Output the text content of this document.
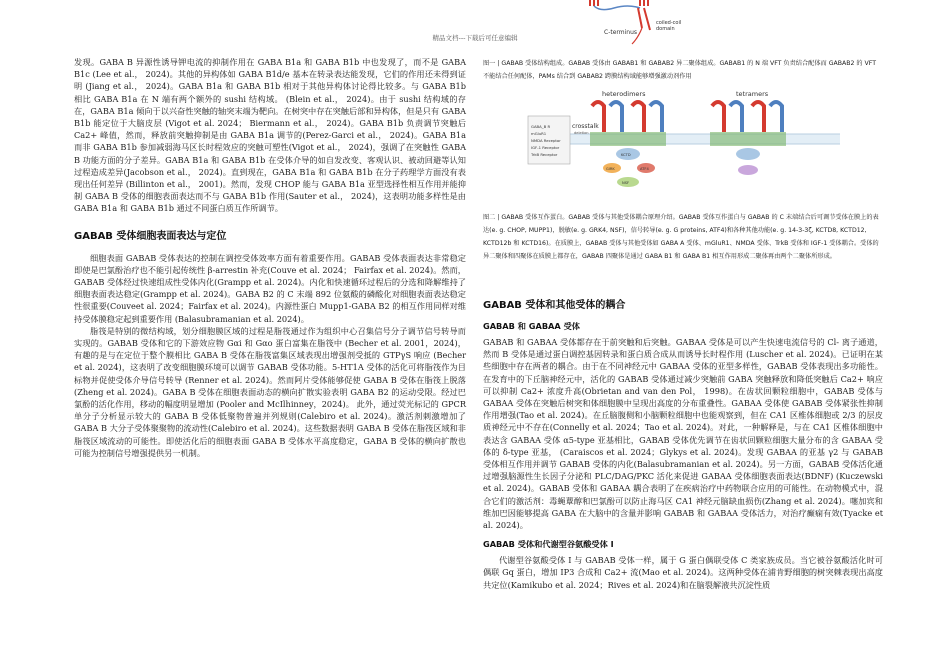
精品文档---下载后可任意编辑
C-terminus
coiled-coil domain
图一 | GABAB 受体结构组成。GABAB 受体由 GABAB1 和 GABAB2 异二聚体组成。GABAB1 的 N 端 VFT 负责结合配体而 GABAB2 的 VFT 不能结合任何配体，PAMs 结合到 GABAB2 跨膜结构域能够增强激动剂作用
heterodimers	tetramers
GABA_B R
mGluR1
NMDA Receptor
IGF-1 Receptor
TrkB Receptor
crosstalk
deletion
KCTD
GIRK	ATF4
NSF
图二 | GABAB 受体互作蛋白。GABAB 受体与其他受体耦合原理介绍。GABAB 受体互作蛋白与 GABAB 的 C 末端结合后可调节受体在膜上的表达(e. g. CHOP, MUPP1)，脱敏(e. g. GRK4, NSF)，信号转导(e. g. G proteins, ATF4)和各种其他功能(e. g. 14-3-3ζ, KCTD8, KCTD12, KCTD12b 和 KCTD16)。在质膜上，GABAB 受体与其他受体如 GABA A 受体、mGluR1、NMDA 受体、TrkB 受体和 IGF-1 受体耦合。受体的异二聚体和四聚体在质膜上都存在，GABAB 四聚体是通过 GABA B1 和 GABA B1 相互作用形成二聚体再由两个二聚体所形成。

发现。GABA B 异源性诱导钾电流的抑制作用在 GABA B1a 和 GABA B1b 中也发现了，而不是 GABA B1c (Lee et al.， 2024)。其他的异构体如 GABA B1d/e 基本在转录表达能发现，它们的作用还未得到证明 (Jiang et al.， 2024)。GABA B1a 和 GABA B1b 相对于其他异构体讨论得比较多。与 GABA B1b 相比 GABA B1a 在 N 端有两个额外的 sushi 结构域。 (Blein et al.， 2024)。由于 sushi 结构域的存在，GABA B1a 倾向于以兴奋性突触的轴突末端为靶向。在树突中存在突触后部和异构体，但是只有 GABA B1b 能定位于大脑皮层 (Vigot et al. 2024； Biermann et al.， 2024)。GABA B1b 负责调节突触后 Ca2+ 峰值，然而，释放前突触抑制是由 GABA B1a 调节的(Perez-Garci et al.， 2024)。GABA B1a 而非 GABA B1b 参加减弱海马区长时程效应的突触可塑性(Vigot et al.， 2024)，强调了在突触性 GABA B 功能方面的分子差异。GABA B1a 和 GABA B1b 在受体介导的如自发改变、客观认识、被动回避等认知过程造成差异(Jacobson et al.， 2024)。直到现在，GABA B1a 和 GABA B1b 在分子药理学方面没有表现出任何差异 (Billinton et al.， 2001)。然而，发现 CHOP 能与 GABA B1a 亚型选择性相互作用并能抑制 GABA B 受体的细胞表面表达而不与 GABA B1b 作用(Sauter et al.， 2024)，这表明功能多样性是由 GABA B1a 和 GABA B1b 通过不同蛋白质互作所调节。

GABAB 受体细胞表面表达与定位

细胞表面 GABAB 受体表达的控制在调控受体效率方面有着重要作用。GABAB 受体表面表达非常稳定即使是巴氯酚治疗也不能引起传统性 β-arrestin 补充(Couve et al. 2024； Fairfax et al. 2024)。然而，GABAB 受体经过快速组成性受体内化(Grampp et al. 2024)。内化和快速循环过程后的分选和降解维持了细胞表面表达稳定(Grampp et al. 2024)。GABA B2 的 C 末端 892 位氨酸的磷酸化对细胞表面表达稳定性很重要(Couveet al. 2024；Fairfax et al. 2024)。内源性蛋白 Mupp1-GABA B2 的相互作用同样对维持受体膜稳定起到重要作用 (Balasubramanian et al. 2024)。

脂筏是特别的微结构域，划分细胞膜区域的过程是脂筏通过作为组织中心召集信号分子调节信号转导而实现的。GABAB 受体和它的下游效应物 Gαi 和 Gαo 蛋白富集在脂筏中 (Becher et al. 2001，2024)，有趣的是与在定位于整个膜相比 GABA B 受体在脂筏富集区域表现出增强剂受抵的 GTPγS 响应 (Becher et al. 2024)，这表明了改变细胞膜环境可以调节 GABAB 受体功能。5-HT1A 受体的活化可将脂筏作为目标物并促使受体介导信号转导 (Renner et al. 2024)。然而阿片受体能够促使 GABA B 受体在脂筏上脱落(Zheng et al. 2024)。GABA B 受体在细胞表面动态的横向扩散实验表明 GABA B2 的运动受限。经过巴氯酚的活化作用，移动的幅度明显增加 (Pooler and McIlhinney，2024)。 此外，通过荧光标记的 GPCR 单分子分析显示较大的 GABA B 受体低聚物普遍并列规则(Calebiro et al. 2024)。激活剂刺激增加了 GABA B 大分子受体聚聚物的流动性(Calebiro et al. 2024)。这些数据表明 GABA B 受体在脂筏区域和非脂筏区域流动的可能性。即使活化后的细胞表面 GABA B 受体水平高度稳定，GABA B 受体的横向扩散也可能为控制信号增强提供另一机制。

GABAB 受体和其他受体的耦合
GABAB 和 GABAA 受体

GABAB 和 GABAA 受体都存在于前突触和后突触。GABAA 受体是可以产生快速电流信号的 Cl- 离子通道，然而 B 受体是通过蛋白调控基因转录和蛋白质合成从而诱导长时程作用 (Luscher et al. 2024)。已证明在某些细胞中存在两者的耦合。由于在不同神经元中 GABAA 受体的亚型多样性，GABAB 受体表现出多功能性。在发育中的下丘脑神经元中，活化的 GABAB 受体通过减少突触前 GABA 突触释放和降低突触后 Ca2+ 响应可以抑制 Ca2+ 浓度升高(Obrietan and van den Pol， 1998)。在齿状回颗粒细胞中，GABAB 受体与 GABAA 受体在突触后树突和体细胞膜中呈现出高度的分布重叠性。GABAA 受体使 GABAB 受体紧张性抑制作用增强(Tao et al. 2024)。在丘脑腹侧和小脑颗粒细胞中也能观察到，但在 CA1 区椎体细胞或 2/3 的层皮质神经元中不存在(Connelly et al. 2024；Tao et al. 2024)。对此，一种解释是，与在 CA1 区椎体细胞中表达含 GABAA 受体 α5-type 亚基相比，GABAB 受体优先调节在齿状回颗粒细胞大量分布的含 GABAA 受体的 δ-type 亚基， (Caraiscos et al. 2024；Glykys et al. 2024)。发现 GABAA 的亚基 γ2 与 GABAB 受体相互作用并调节 GABAB 受体的内化(Balasubramanian et al. 2024)。另一方面，GABAB 受体活化通过增强脑源性生长因子分泌和 PLC/DAG/PKC 活化来促进 GABAA 受体细胞表面表达(BDNF) (Kuczewski et al. 2024)。GABAB 受体和 GABAA 耦合表明了在疾病治疗中药物联合应用的可能性。在动物模式中，混合它们的激活剂：毒蝇蕈醇和巴氯酚可以防止海马区 CA1 神经元脑缺血损伤(Zhang et al. 2024)。噻加宾和维加巴因能够提高 GABA 在大脑中的含量并影响 GABAB 和 GABAA 受体活力，对治疗癫痫有效(Tyacke et al. 2024)。

GABAB 受体和代谢型谷氨酸受体 I

代谢型谷氨酸受体 I 与 GABAB 受体一样，属于 G 蛋白偶联受体 C 类家族成员。当它被谷氨酸活化时可偶联 Gq 蛋白，增加 IP3 合成和 Ca2+ 流(Mao et al. 2024)。这两种受体在浦肯野细胞的树突棘表现出高度共定位(Kamikubo et al. 2024；Rives et al. 2024)和在脑裂解液共沉淀性质
